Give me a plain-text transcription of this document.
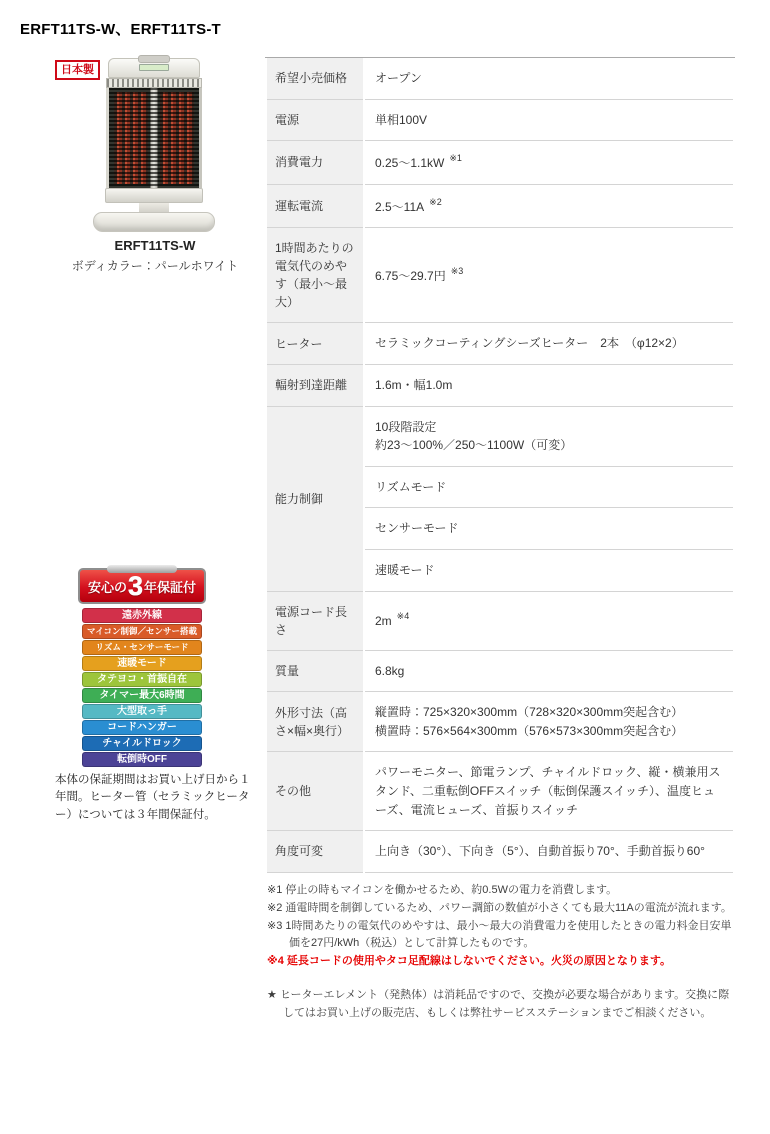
ERFT11TS-W、ERFT11TS-T
日本製
ERFT11TS-W
ボディカラー：パールホワイト
安心の 3 年保証付
遠赤外線
マイコン制御／センサー搭載
リズム・センサーモード
速暖モード
タテヨコ・首振自在
タイマー最大6時間
大型取っ手
コードハンガー
チャイルドロック
転倒時OFF
本体の保証期間はお買い上げ日から１年間。ヒーター管（セラミックヒーター）については３年間保証付。
希望小売価格	オープン
電源	単相100V
消費電力	0.25～1.1kW $^{※1}$
運転電流	2.5～11A $^{※2}$
1時間あたりの電気代のめやす（最小～最大）	6.75～29.7円 $^{※3}$
ヒーター	セラミックコーティングシーズヒーター　2本　（φ12×2）
輻射到達距離	1.6m・幅1.0m
能力制御	10段階設定
約23～100%／250～1100W（可変）

	リズムモード
	センサーモード
	速暖モード
電源コード長さ	2m $^{※4}$
質量	6.8kg
外形寸法（高さ×幅×奥行）	縦置時：725×320×300mm（728×320×300mm突起含む）
横置時：576×564×300mm（576×573×300mm突起含む）

その他	パワーモニター、節電ランプ、チャイルドロック、縦・横兼用スタンド、二重転倒OFFスイッチ（転倒保護スイッチ）、温度ヒューズ、電流ヒューズ、首振りスイッチ
角度可変	上向き（30°）、下向き（5°）、自動首振り70°、手動首振り60°

※1 停止の時もマイコンを働かせるため、約0.5Wの電力を消費します。

※2 通電時間を制御しているため、パワー調節の数値が小さくても最大11Aの電流が流れます。

※3 1時間あたりの電気代のめやすは、最小～最大の消費電力を使用したときの電力料金目安単価を27円/kWh（税込）として計算したものです。

※4 延長コードの使用やタコ足配線はしないでください。火災の原因となります。

★ ヒーターエレメント（発熱体）は消耗品ですので、交換が必要な場合があります。交換に際してはお買い上げの販売店、もしくは弊社サービスステーションまでご相談ください。
